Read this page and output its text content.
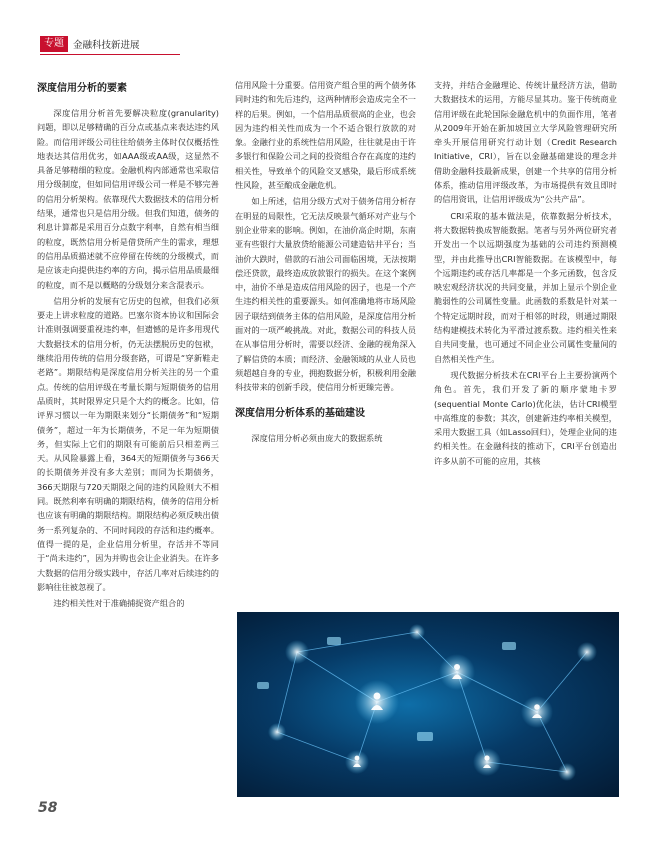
专题 金融科技新进展
深度信用分析的要素

深度信用分析首先要解决粒度(granularity)问题，即以足够精确的百分点或基点来表达违约风险。而信用评级公司往往给债务主体时仅仅概括性地表达其信用优劣，如AAA级或AA级，这显然不具备足够精细的粒度。金融机构内部通常也采取信用分级制度，但如同信用评级公司一样是不够完善的信用分析架构。依靠现代大数据技术的信用分析结果，通常也只是信用分级。但我们知道，债务的利息计算都是采用百分点数字利率，自然有相当细的粒度，既然信用分析是借贷所产生的需求，理想的信用品质描述就不应停留在传统的分级模式，而是应该走向提供违约率的方向，揭示信用品质最细的粒度，而不是以概略的分级划分来含混表示。

信用分析的发展有它历史的包袱，但我们必须要走上讲求粒度的道路。巴塞尔资本协议和国际会计准则强调要重视违约率，但遗憾的是许多用现代大数据技术的信用分析，仍无法摆脱历史的包袱，继续沿用传统的信用分级套路，可谓是“穿新鞋走老路”。期限结构是深度信用分析关注的另一个重点。传统的信用评级在考量长期与短期债务的信用品质时，其时限界定只是个大约的概念。比如，信评界习惯以一年为期限来划分“长期债务”和“短期债务”，超过一年为长期债务，不足一年为短期债务，但实际上它们的期限有可能前后只相差两三天。从风险暴露上看，364天的短期债务与366天的长期债务并没有多大差别；而同为长期债务，366天期限与720天期限之间的违约风险则大不相同。既然利率有明确的期限结构，债务的信用分析也应该有明确的期限结构。期限结构必须反映出债务一系列复杂的、不同时间段的存活和违约概率。值得一提的是，企业信用分析里，存活并不等同于“尚未违约”，因为并购也会让企业消失。在许多大数据的信用分级实践中，存活几率对后续违约的影响往往被忽视了。

违约相关性对于准确捕捉资产组合的

信用风险十分重要。信用资产组合里的两个债务体同时违约和先后违约，这两种情形会造成完全不一样的后果。例如，一个信用品质很高的企业，也会因为违约相关性而成为一个不适合银行放款的对象。金融行业的系统性信用风险，往往就是由于许多银行和保险公司之间的投资组合存在高度的违约相关性，导致单个的风险交叉感染，最后形成系统性风险，甚至酿成金融危机。

如上所述，信用分级方式对于债务信用分析存在明显的局限性，它无法反映景气循环对产业与个别企业带来的影响。例如，在油价高企时期，东南亚有些银行大量放贷给能源公司建造钻井平台；当油价大跌时，借款的石油公司面临困境，无法按期偿还贷款，最终造成放款银行的损失。在这个案例中，油价不单是造成信用风险的因子，也是一个产生违约相关性的重要源头。如何准确地将市场风险因子联结到债务主体的信用风险，是深度信用分析面对的一项严峻挑战。对此，数据公司的科技人员在从事信用分析时，需要以经济、金融的视角深入了解信贷的本质；而经济、金融领域的从业人员也须超越自身的专业，拥抱数据分析，积极利用金融科技带来的创新手段，使信用分析更臻完善。

深度信用分析体系的基础建设

深度信用分析必须由庞大的数据系统

支持，并结合金融理论、传统计量经济方法，借助大数据技术的运用，方能尽显其功。鉴于传统商业信用评级在此轮国际金融危机中的负面作用，笔者从2009年开始在新加坡国立大学风险管理研究所牵头开展信用研究行动计划（Credit Research Initiative，CRI），旨在以金融基础建设的理念并借助金融科技最新成果，创建一个共享的信用分析体系，推动信用评级改革，为市场提供有效且即时的信用资讯，让信用评级成为“公共产品”。

CRI采取的基本做法是，依靠数据分析技术，将大数据转换成智能数据。笔者与另外两位研究者开发出一个以远期强度为基础的公司违约预测模型，并由此推导出CRI智能数据。在该模型中，每个远期违约或存活几率都是一个多元函数，包含反映宏观经济状况的共同变量，并加上显示个别企业脆弱性的公司属性变量。此函数的系数是针对某一个特定远期时段，而对于相邻的时段，则通过期限结构建模技术转化为平滑过渡系数。违约相关性来自共同变量，也可通过不同企业公司属性变量间的自然相关性产生。

现代数据分析技术在CRI平台上主要扮演两个角色。首先，我们开发了新的顺序蒙地卡罗(sequential Monte Carlo)优化法，估计CRI模型中高维度的参数；其次，创建新违约率相关模型，采用大数据工具（如Lasso回归），处理企业间的违约相关性。在金融科技的推动下，CRI平台创造出许多从前不可能的应用，其核

58
